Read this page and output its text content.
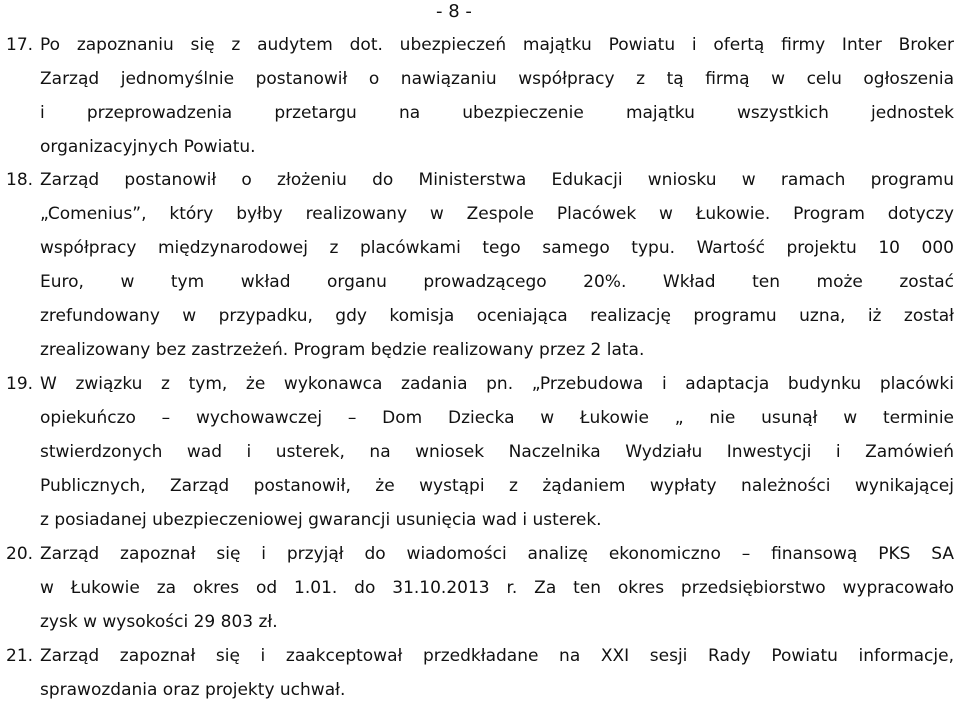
- 8 -
17. Po zapoznaniu się z audytem dot. ubezpieczeń majątku Powiatu i ofertą firmy Inter Broker
Zarząd jednomyślnie postanowił o nawiązaniu współpracy z tą firmą w celu ogłoszenia
i przeprowadzenia przetargu na ubezpieczenie majątku wszystkich jednostek
organizacyjnych Powiatu.
18. Zarząd postanowił o złożeniu do Ministerstwa Edukacji wniosku w ramach programu
„Comenius”, który byłby realizowany w Zespole Placówek w Łukowie. Program dotyczy
współpracy międzynarodowej z placówkami tego samego typu. Wartość projektu 10 000
Euro, w tym wkład organu prowadzącego 20%. Wkład ten może zostać
zrefundowany w przypadku, gdy komisja oceniająca realizację programu uzna, iż został
zrealizowany bez zastrzeżeń. Program będzie realizowany przez 2 lata.
19. W związku z tym, że wykonawca zadania pn. „Przebudowa i adaptacja budynku placówki
opiekuńczo – wychowawczej – Dom Dziecka w Łukowie „ nie usunął w terminie
stwierdzonych wad i usterek, na wniosek Naczelnika Wydziału Inwestycji i Zamówień
Publicznych, Zarząd postanowił, że wystąpi z żądaniem wypłaty należności wynikającej
z posiadanej ubezpieczeniowej gwarancji usunięcia wad i usterek.
20. Zarząd zapoznał się i przyjął do wiadomości analizę ekonomiczno – finansową PKS SA
w Łukowie za okres od 1.01. do 31.10.2013 r. Za ten okres przedsiębiorstwo wypracowało
zysk w wysokości 29 803 zł.
21. Zarząd zapoznał się i zaakceptował przedkładane na XXI sesji Rady Powiatu informacje,
sprawozdania oraz projekty uchwał.
